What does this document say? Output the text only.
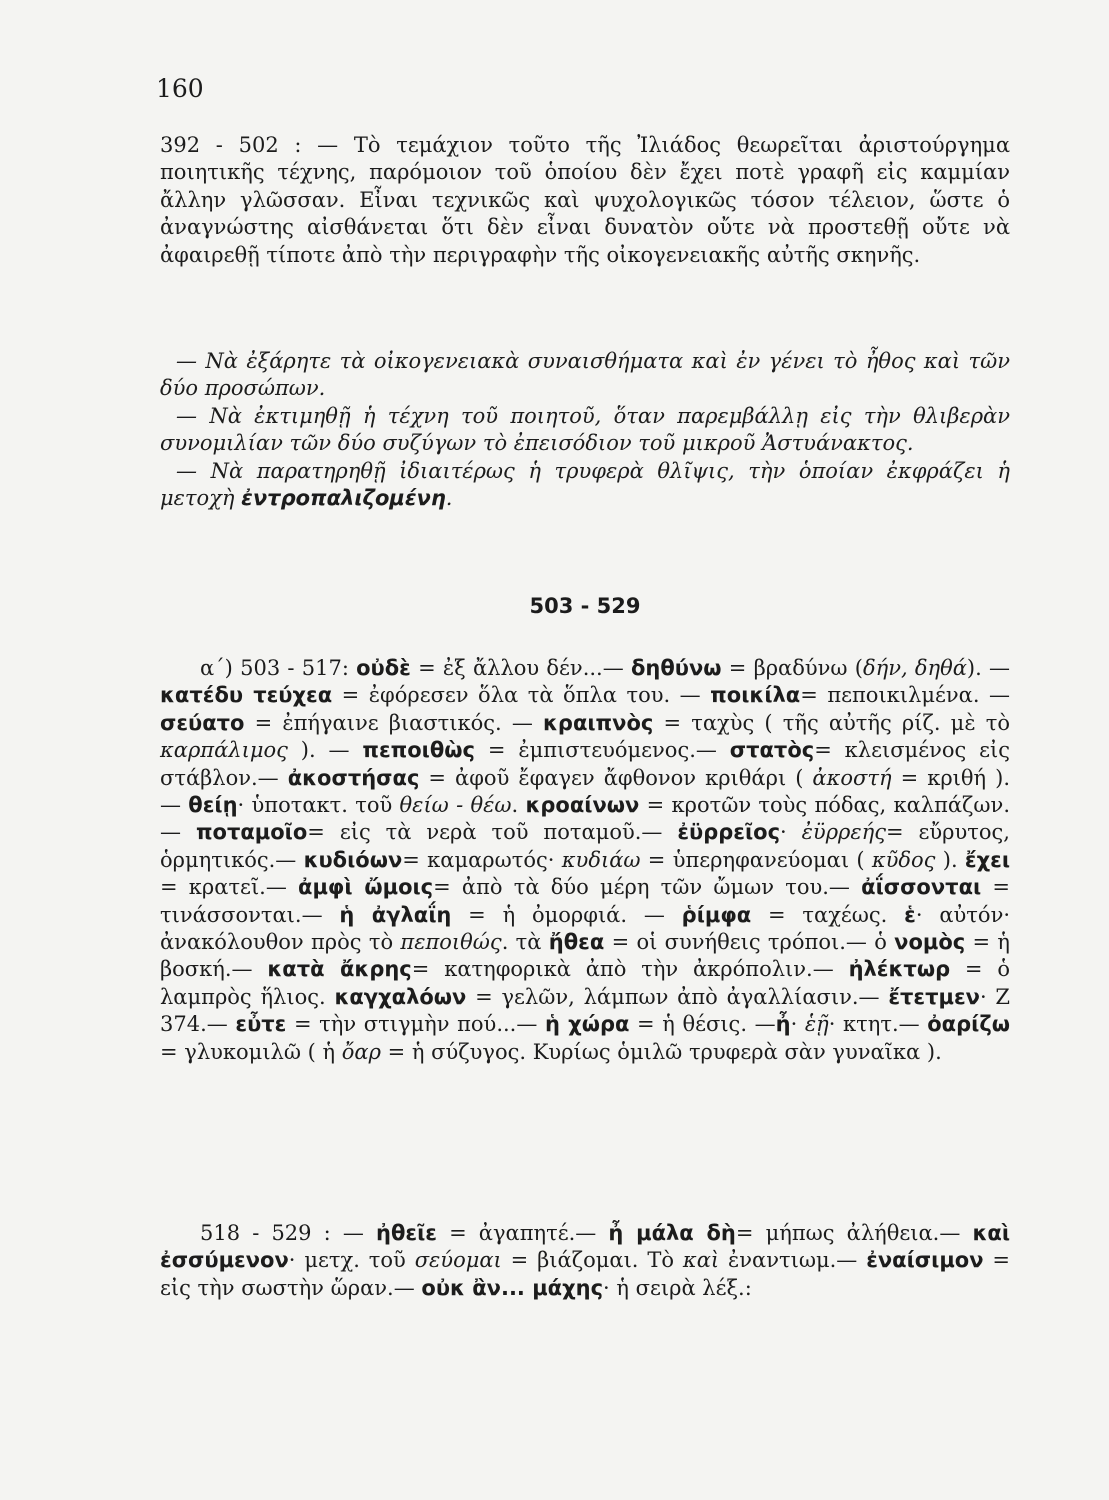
160

392 - 502 : — Τὸ τεμάχιον τοῦτο τῆς Ἰλιάδος θεωρεῖται ἀριστούργημα ποιητικῆς τέχνης, παρόμοιον τοῦ ὁποίου δὲν ἔχει ποτὲ γραφῆ εἰς καμμίαν ἄλλην γλῶσσαν. Εἶναι τεχνικῶς καὶ ψυχολογικῶς τόσον τέλειον, ὥστε ὁ ἀναγνώστης αἰσθάνεται ὅτι δὲν εἶναι δυνατὸν οὔτε νὰ προστεθῇ οὔτε νὰ ἀφαιρεθῇ τίποτε ἀπὸ τὴν περιγραφὴν τῆς οἰκογενειακῆς αὐτῆς σκηνῆς.

— Νὰ ἐξάρητε τὰ οἰκογενειακὰ συναισθήματα καὶ ἐν γένει τὸ ἦθος καὶ τῶν δύο προσώπων.

— Νὰ ἐκτιμηθῇ ἡ τέχνη τοῦ ποιητοῦ, ὅταν παρεμβάλλῃ εἰς τὴν θλιβερὰν συνομιλίαν τῶν δύο συζύγων τὸ ἐπεισόδιον τοῦ μικροῦ Ἀστυάνακτος.

— Νὰ παρατηρηθῇ ἰδιαιτέρως ἡ τρυφερὰ θλῖψις, τὴν ὁποίαν ἐκφράζει ἡ μετοχὴ ἐντροπαλιζομένη.

503 - 529
α΄) 503 - 517: οὐδὲ = ἐξ ἄλλου δέν...— δηθύνω = βραδύνω (δήν, δηθά). — κατέδυ τεύχεα = ἐφόρεσεν ὅλα τὰ ὅπλα του. — ποικίλα= πεποικιλμένα. — σεύατο = ἐπήγαινε βιαστικός. — κραιπνὸς = ταχὺς ( τῆς αὐτῆς ρίζ. μὲ τὸ καρπάλιμος ). — πεποιθὼς = ἐμπιστευόμενος.— στατὸς= κλεισμένος εἰς στάβλον.— ἀκοστήσας = ἀφοῦ ἔφαγεν ἄφθονον κριθάρι ( ἀκοστή = κριθή ). — θείῃ· ὑποτακτ. τοῦ θείω - θέω. κροαίνων = κροτῶν τοὺς πόδας, καλπάζων.— ποταμοῖο= εἰς τὰ νερὰ τοῦ ποταμοῦ.— ἐϋρρεῖος· ἐϋρρεής= εὔρυτος, ὁρμητικός.— κυδιόων= καμαρωτός· κυδιάω = ὑπερηφανεύομαι ( κῦδος ). ἔχει = κρατεῖ.— ἀμφὶ ὤμοις= ἀπὸ τὰ δύο μέρη τῶν ὤμων του.— ἀΐσσονται = τινάσσονται.— ἡ ἀγλαΐη = ἡ ὀμορφιά. — ῥίμφα = ταχέως. ἑ· αὐτόν· ἀνακόλουθον πρὸς τὸ πεποιθώς. τὰ ἤθεα = οἱ συνήθεις τρόποι.— ὁ νομὸς = ἡ βοσκή.— κατὰ ἄκρης= κατηφορικὰ ἀπὸ τὴν ἀκρόπολιν.— ἠλέκτωρ = ὁ λαμπρὸς ἥλιος. καγχαλόων = γελῶν, λάμπων ἀπὸ ἀγαλλίασιν.— ἔτετμεν· Ζ 374.— εὖτε = τὴν στιγμὴν πού...— ἡ χώρα = ἡ θέσις. —ἦ· ἑῇ· κτητ.— ὀαρίζω = γλυκομιλῶ ( ἡ ὄαρ = ἡ σύζυγος. Κυρίως ὁμιλῶ τρυφερὰ σὰν γυναῖκα ).
518 - 529 : — ἠθεῖε = ἀγαπητέ.— ἦ μάλα δὴ= μήπως ἀλήθεια.— καὶ ἐσσύμενον· μετχ. τοῦ σεύομαι = βιάζομαι. Τὸ καὶ ἐναντιωμ.— ἐναίσιμον = εἰς τὴν σωστὴν ὥραν.— οὐκ ἂν... μάχης· ἡ σειρὰ λέξ.:
